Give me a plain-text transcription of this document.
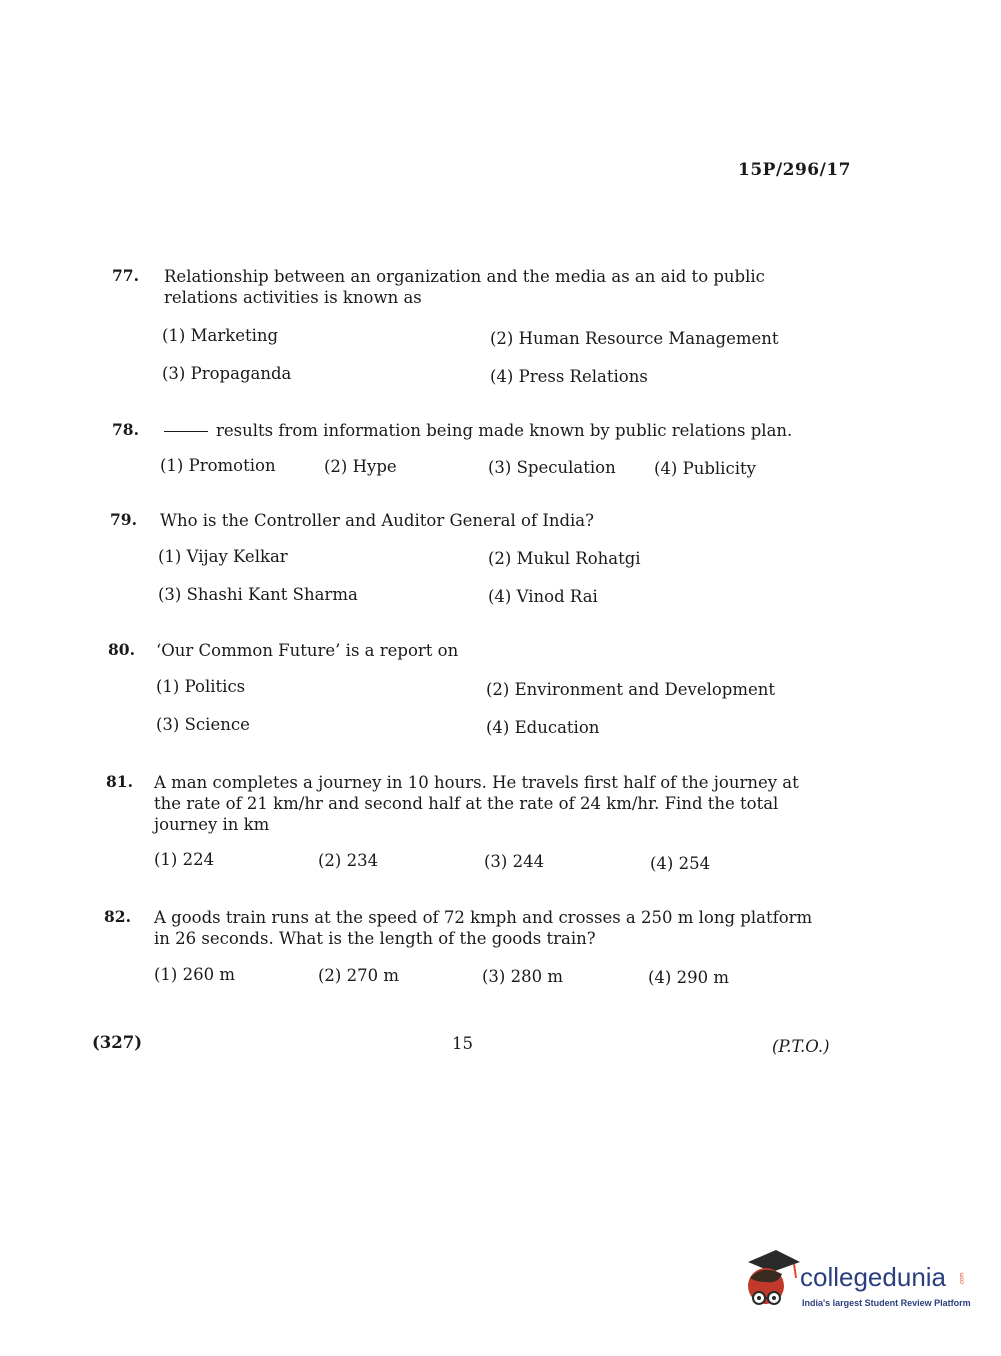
15P/296/17
77. Relationship between an organization and the media as an aid to public
relations activities is known as
(1) Marketing	(2) Human Resource Management
(3) Propaganda	(4) Press Relations
78.	results from information being made known by public relations plan.
(1) Promotion	(2) Hype	(3) Speculation (4) Publicity
79. Who is the Controller and Auditor General of India?
(1) Vijay Kelkar	(2) Mukul Rohatgi
(3) Shashi Kant Sharma	(4) Vinod Rai
80. ‘Our Common Future’ is a report on
(1) Politics	(2) Environment and Development
(3) Science	(4) Education
81. A man completes a journey in 10 hours. He travels first half of the journey at
the rate of 21 km/hr and second half at the rate of 24 km/hr. Find the total
journey in km
(1) 224	(2) 234	(3) 244	(4) 254
82. A goods train runs at the speed of 72 kmph and crosses a 250 m long platform
in 26 seconds. What is the length of the goods train?
(1) 260 m	(2) 270 m	(3) 280 m	(4) 290 m
(327)	15	(P.T.O.)
collegedunia .com
India's largest Student Review Platform
